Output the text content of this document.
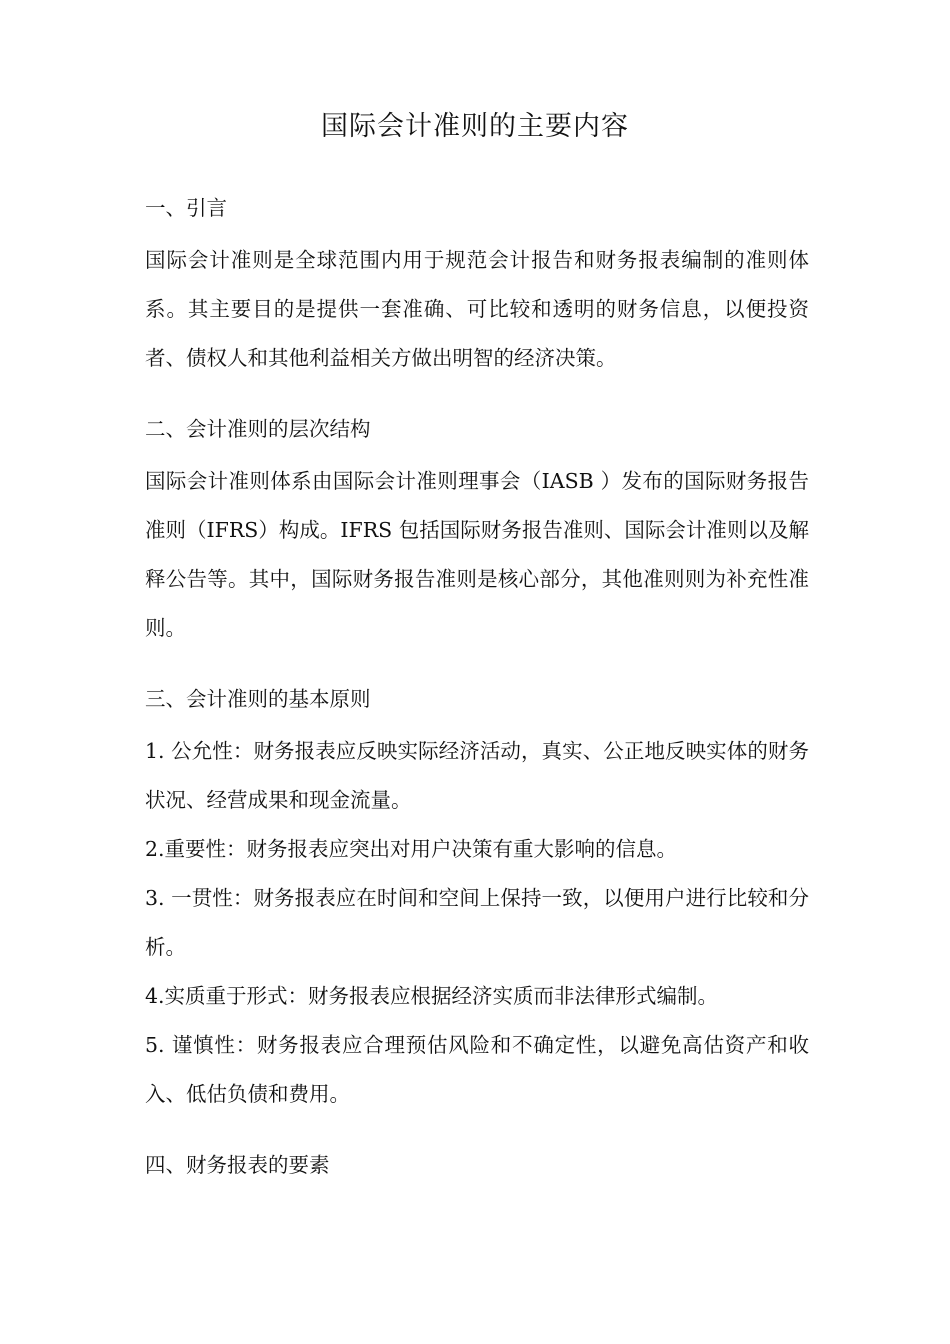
国际会计准则的主要内容
一、引言

国际会计准则是全球范围内用于规范会计报告和财务报表编制的准则体系。其主要目的是提供一套准确、可比较和透明的财务信息，以便投资者、债权人和其他利益相关方做出明智的经济决策。

二、会计准则的层次结构

国际会计准则体系由国际会计准则理事会（IASB ）发布的国际财务报告准则（IFRS）构成。IFRS 包括国际财务报告准则、国际会计准则以及解释公告等。其中，国际财务报告准则是核心部分，其他准则则为补充性准则。

三、会计准则的基本原则

1. 公允性：财务报表应反映实际经济活动，真实、公正地反映实体的财务状况、经营成果和现金流量。

2.重要性：财务报表应突出对用户决策有重大影响的信息。

3. 一贯性：财务报表应在时间和空间上保持一致，以便用户进行比较和分析。

4.实质重于形式：财务报表应根据经济实质而非法律形式编制。

5. 谨慎性：财务报表应合理预估风险和不确定性，以避免高估资产和收入、低估负债和费用。

四、财务报表的要素
